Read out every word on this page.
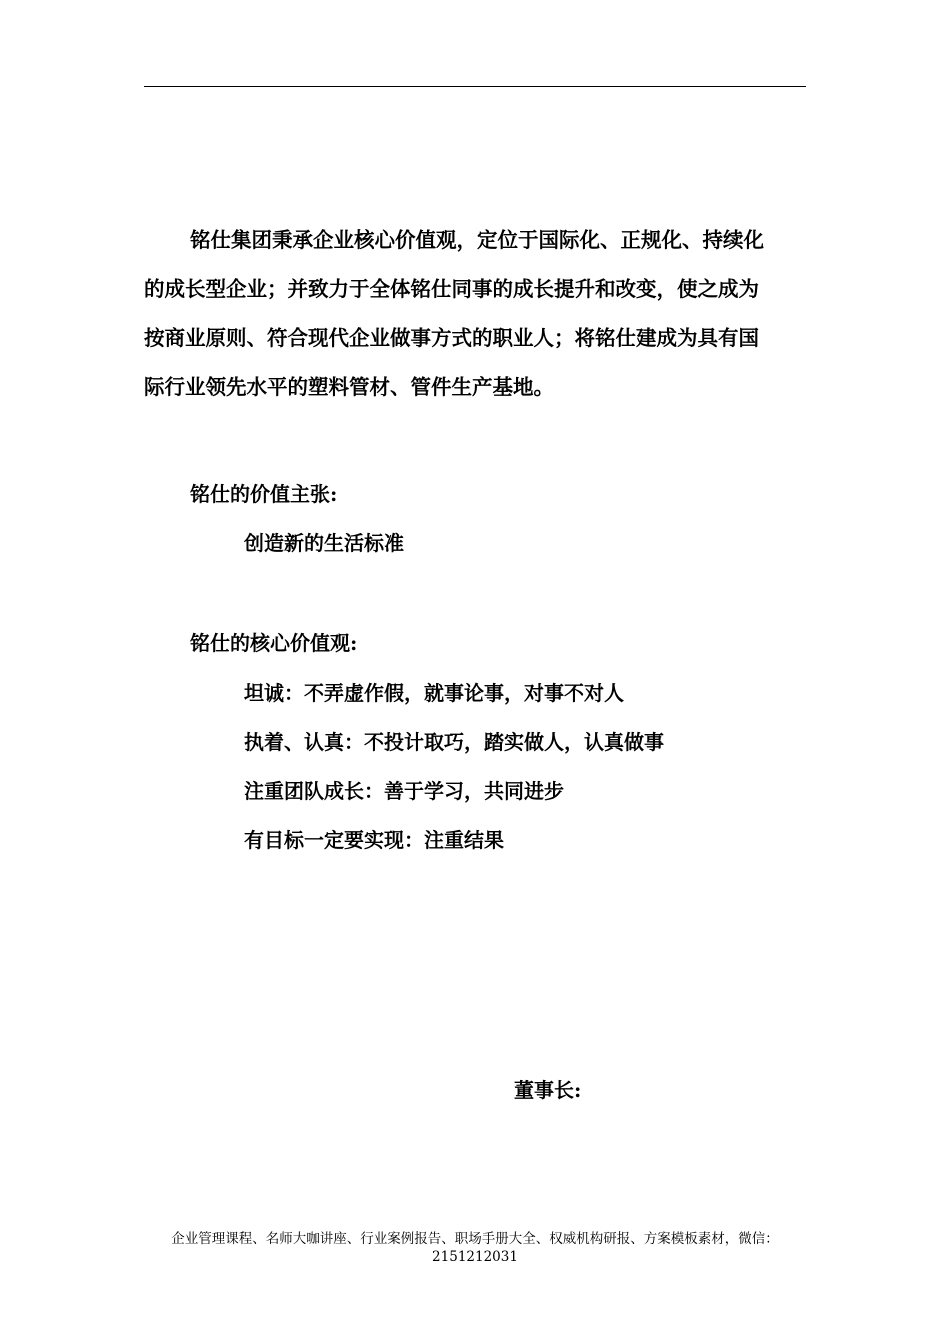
铭仕集团秉承企业核心价值观，定位于国际化、正规化、持续化
的成长型企业；并致力于全体铭仕同事的成长提升和改变，使之成为
按商业原则、符合现代企业做事方式的职业人；将铭仕建成为具有国
际行业领先水平的塑料管材、管件生产基地。
铭仕的价值主张:
创造新的生活标准
铭仕的核心价值观:
坦诚：不弄虚作假，就事论事，对事不对人
执着、认真：不投计取巧，踏实做人，认真做事
注重团队成长：善于学习，共同进步
有目标一定要实现：注重结果
董事长:
企业管理课程、名师大咖讲座、行业案例报告、职场手册大全、权威机构研报、方案模板素材，微信：
2151212031
